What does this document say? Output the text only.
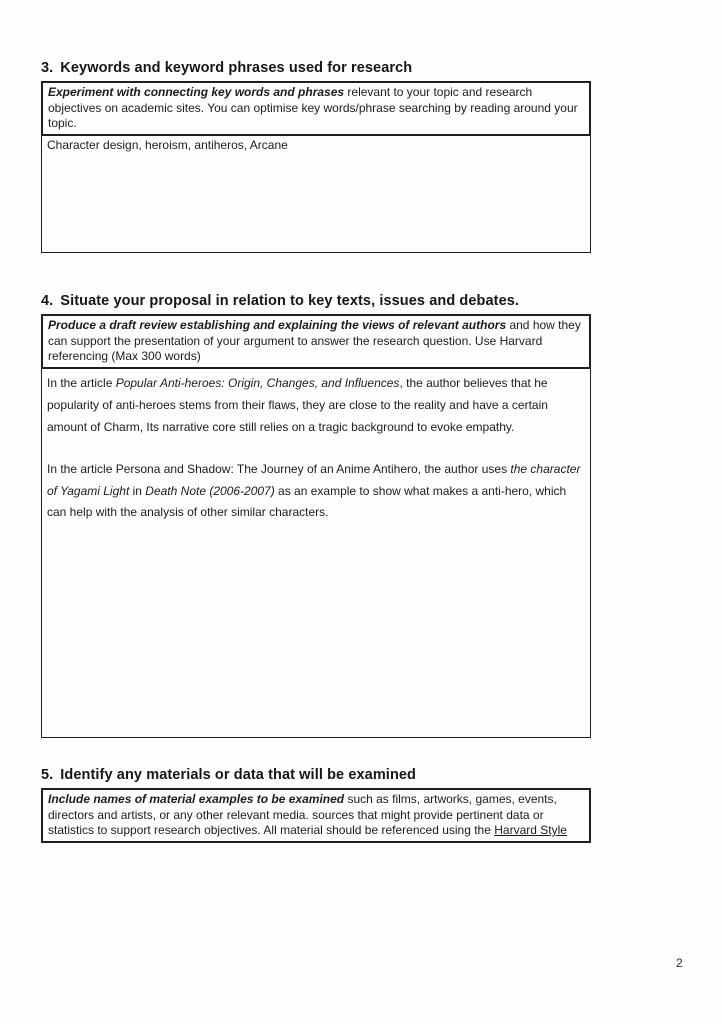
3. Keywords and keyword phrases used for research
Experiment with connecting key words and phrases relevant to your topic and research objectives on academic sites. You can optimise key words/phrase searching by reading around your topic.
Character design, heroism, antiheros, Arcane
4. Situate your proposal in relation to key texts, issues and debates.
Produce a draft review establishing and explaining the views of relevant authors and how they can support the presentation of your argument to answer the research question. Use Harvard referencing (Max 300 words)

In the article Popular Anti-heroes: Origin, Changes, and Influences, the author believes that he popularity of anti-heroes stems from their flaws, they are close to the reality and have a certain amount of Charm, Its narrative core still relies on a tragic background to evoke empathy.

In the article Persona and Shadow: The Journey of an Anime Antihero, the author uses the character of Yagami Light in Death Note (2006-2007) as an example to show what makes a anti-hero, which can help with the analysis of other similar characters.

5. Identify any materials or data that will be examined
Include names of material examples to be examined such as films, artworks, games, events, directors and artists, or any other relevant media. sources that might provide pertinent data or statistics to support research objectives. All material should be referenced using the Harvard Style
2
